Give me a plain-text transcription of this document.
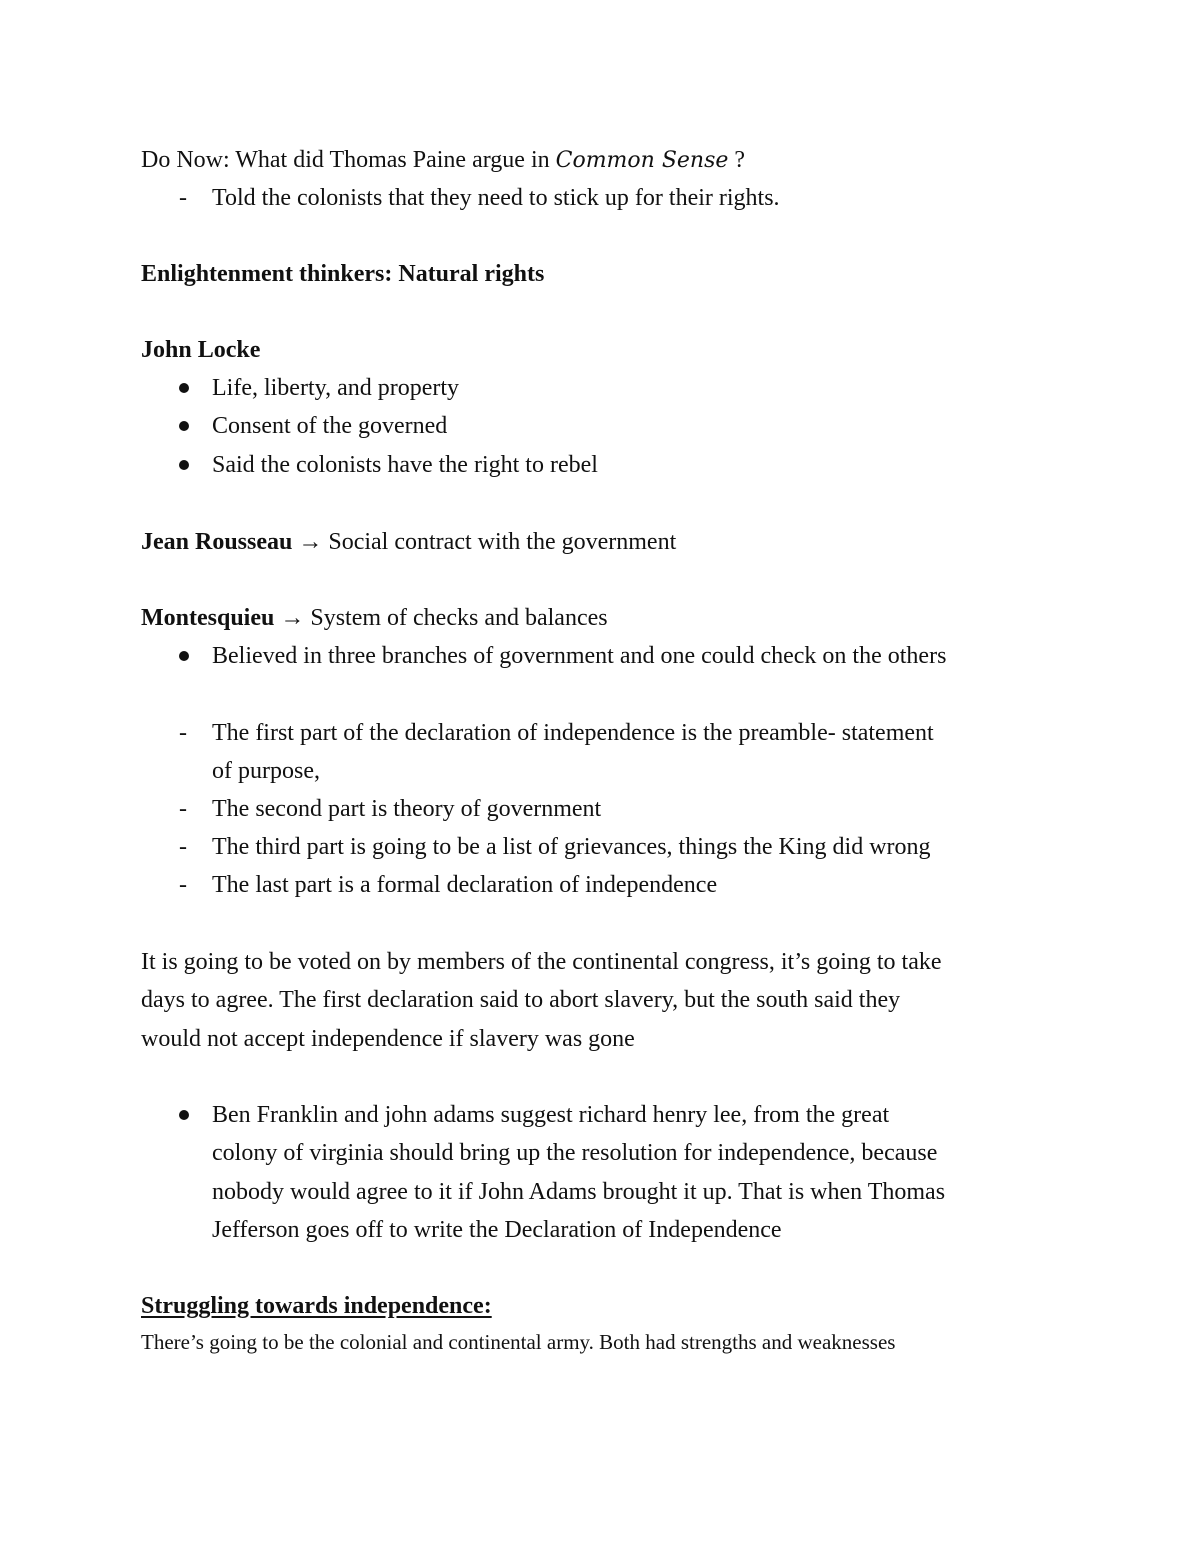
Do Now: What did Thomas Paine argue in Common Sense ?
- Told the colonists that they need to stick up for their rights.
Enlightenment thinkers: Natural rights
John Locke
Life, liberty, and property
Consent of the governed
Said the colonists have the right to rebel
Jean Rousseau → Social contract with the government
Montesquieu → System of checks and balances
Believed in three branches of government and one could check on the others
- The first part of the declaration of independence is the preamble- statement
of purpose,
- The second part is theory of government
- The third part is going to be a list of grievances, things the King did wrong
- The last part is a formal declaration of independence
It is going to be voted on by members of the continental congress, it’s going to take
days to agree. The first declaration said to abort slavery, but the south said they
would not accept independence if slavery was gone
Ben Franklin and john adams suggest richard henry lee, from the great
colony of virginia should bring up the resolution for independence, because
nobody would agree to it if John Adams brought it up. That is when Thomas
Jefferson goes off to write the Declaration of Independence
Struggling towards independence:
There’s going to be the colonial and continental army. Both had strengths and weaknesses
